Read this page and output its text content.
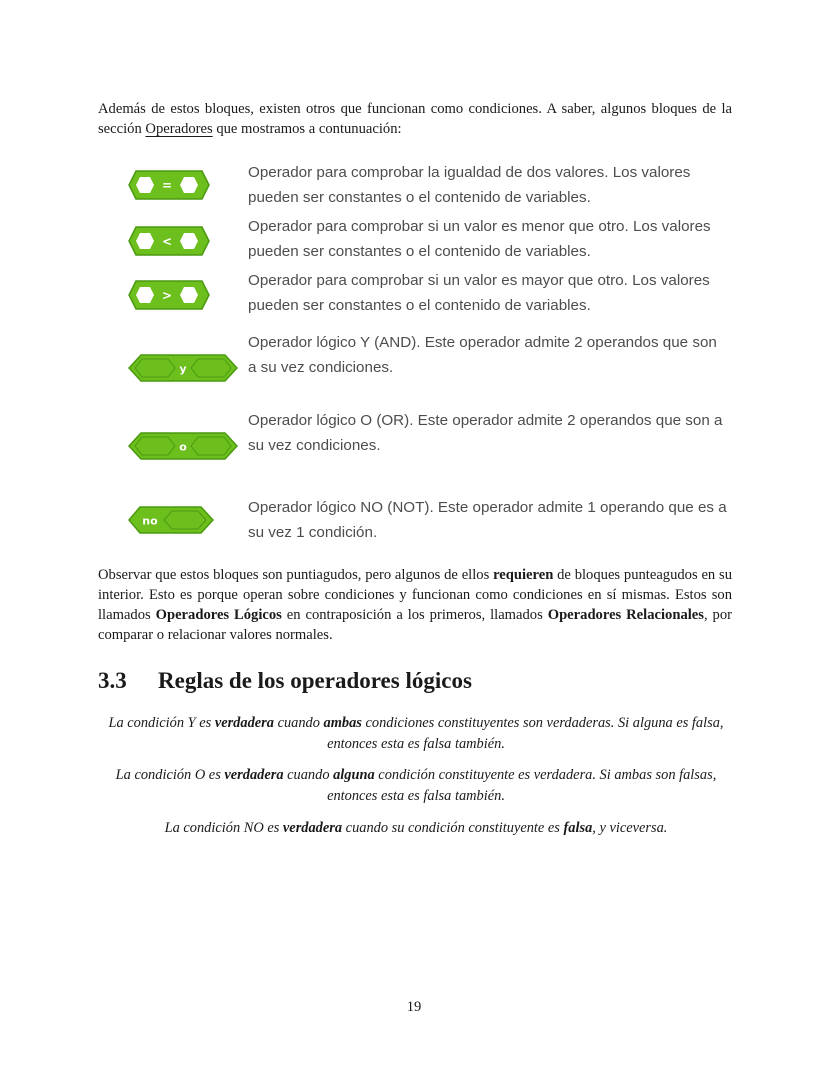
Además de estos bloques, existen otros que funcionan como condiciones. A saber, algunos bloques de la sección Operadores que mostramos a contunuación:

=

Operador para comprobar la igualdad de dos valores. Los valores pueden ser constantes o el contenido de variables.

<

Operador para comprobar si un valor es menor que otro. Los valores pueden ser constantes o el contenido de variables.

>

Operador para comprobar si un valor es mayor que otro. Los valores pueden ser constantes o el contenido de variables.

y

Operador lógico Y (AND). Este operador admite 2 operandos que son a su vez condiciones.

o

Operador lógico O (OR). Este operador admite 2 operandos que son a su vez condiciones.

no

Operador lógico NO (NOT). Este operador admite 1 operando que es a su vez 1 condición.

Observar que estos bloques son puntiagudos, pero algunos de ellos requieren de bloques punteagudos en su interior. Esto es porque operan sobre condiciones y funcionan como condiciones en sí mismas. Estos son llamados Operadores Lógicos en contraposición a los primeros, llamados Operadores Relacionales, por comparar o relacionar valores normales.

3.3 Reglas de los operadores lógicos

La condición Y es verdadera cuando ambas condiciones constituyentes son verdaderas. Si alguna es falsa, entonces esta es falsa también.

La condición O es verdadera cuando alguna condición constituyente es verdadera. Si ambas son falsas, entonces esta es falsa también.

La condición NO es verdadera cuando su condición constituyente es falsa, y viceversa.

19
